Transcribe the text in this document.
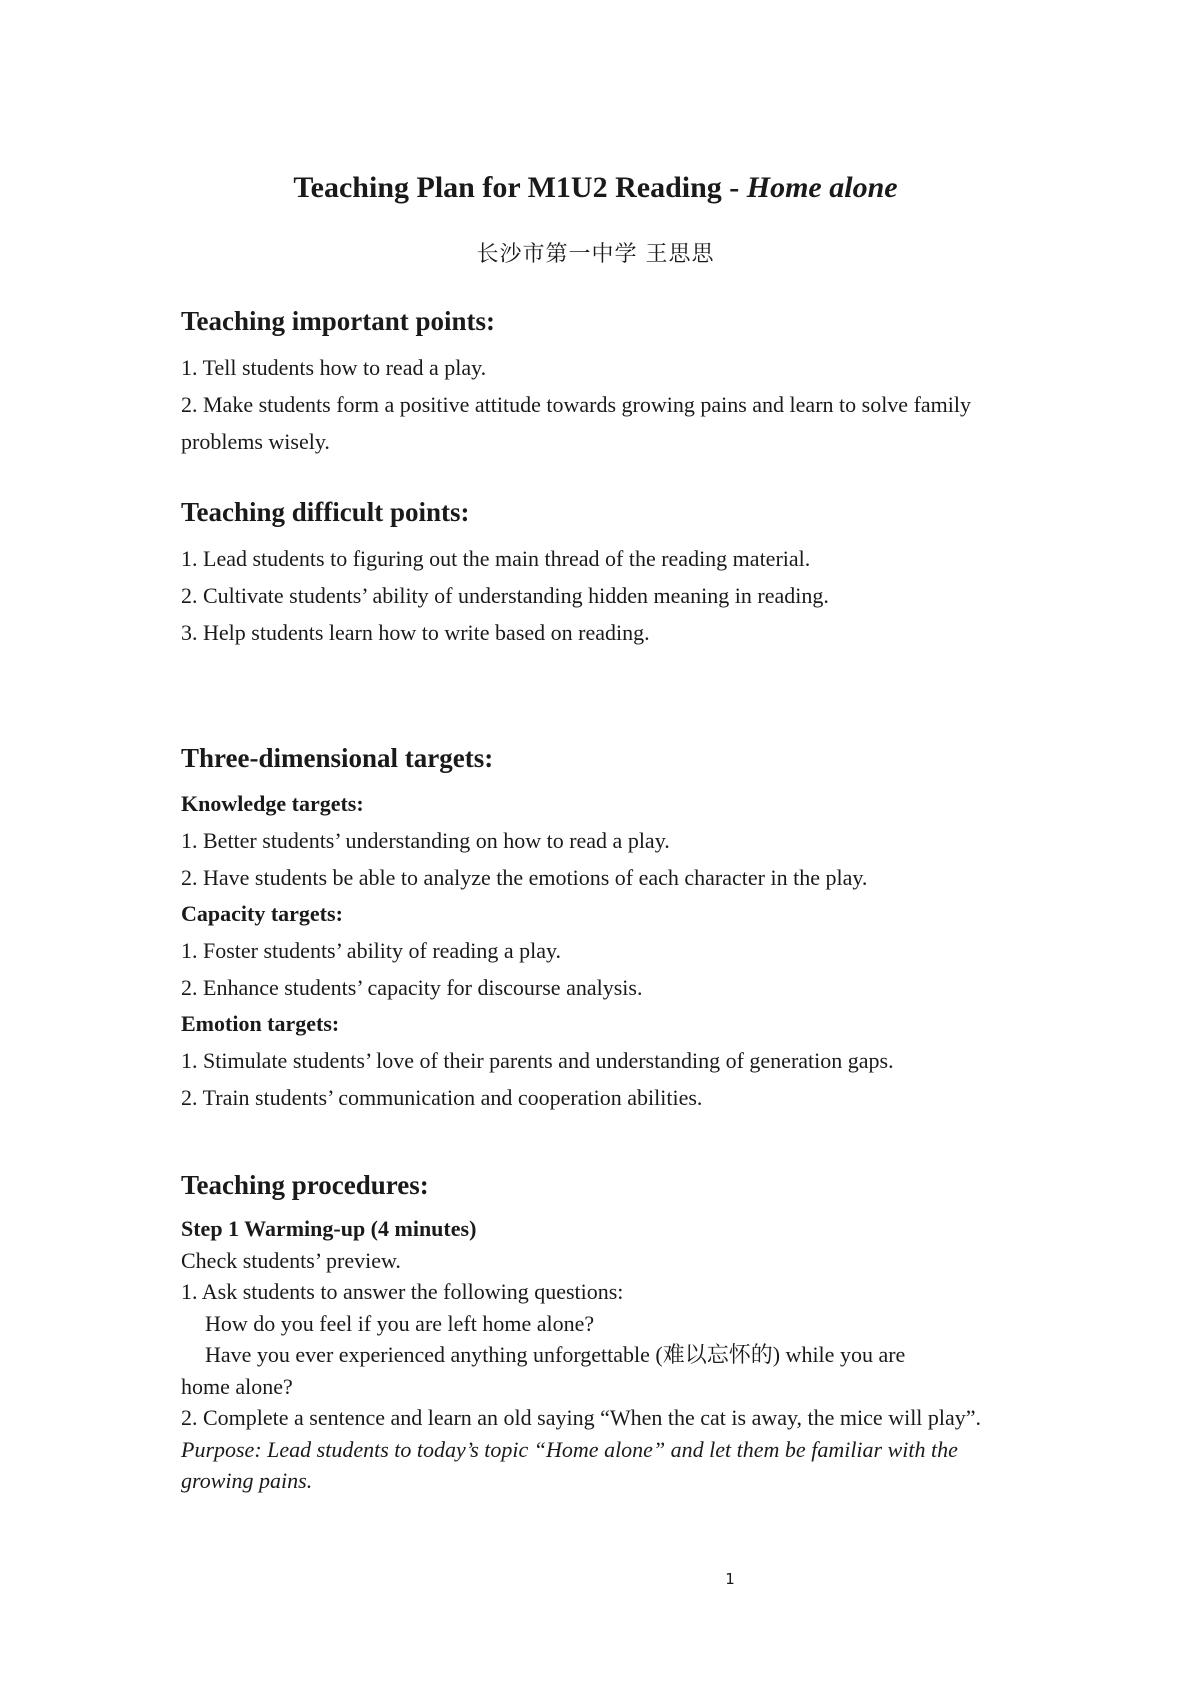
Teaching Plan for M1U2 Reading - Home alone
长沙市第一中学 王思思

Teaching important points:

1. Tell students how to read a play.

2. Make students form a positive attitude towards growing pains and learn to solve family problems wisely.

Teaching difficult points:

1. Lead students to figuring out the main thread of the reading material.

2. Cultivate students’ ability of understanding hidden meaning in reading.

3. Help students learn how to write based on reading.

Three-dimensional targets:

Knowledge targets:

1. Better students’ understanding on how to read a play.

2. Have students be able to analyze the emotions of each character in the play.

Capacity targets:

1. Foster students’ ability of reading a play.

2. Enhance students’ capacity for discourse analysis.

Emotion targets:

1. Stimulate students’ love of their parents and understanding of generation gaps.

2. Train students’ communication and cooperation abilities.

Teaching procedures:

Step 1 Warming-up (4 minutes)

Check students’ preview.

1. Ask students to answer the following questions:

How do you feel if you are left home alone?

Have you ever experienced anything unforgettable (难以忘怀的) while you are

home alone?

2. Complete a sentence and learn an old saying “When the cat is away, the mice will play”.

Purpose: Lead students to today’s topic “Home alone” and let them be familiar with the growing pains.

1
